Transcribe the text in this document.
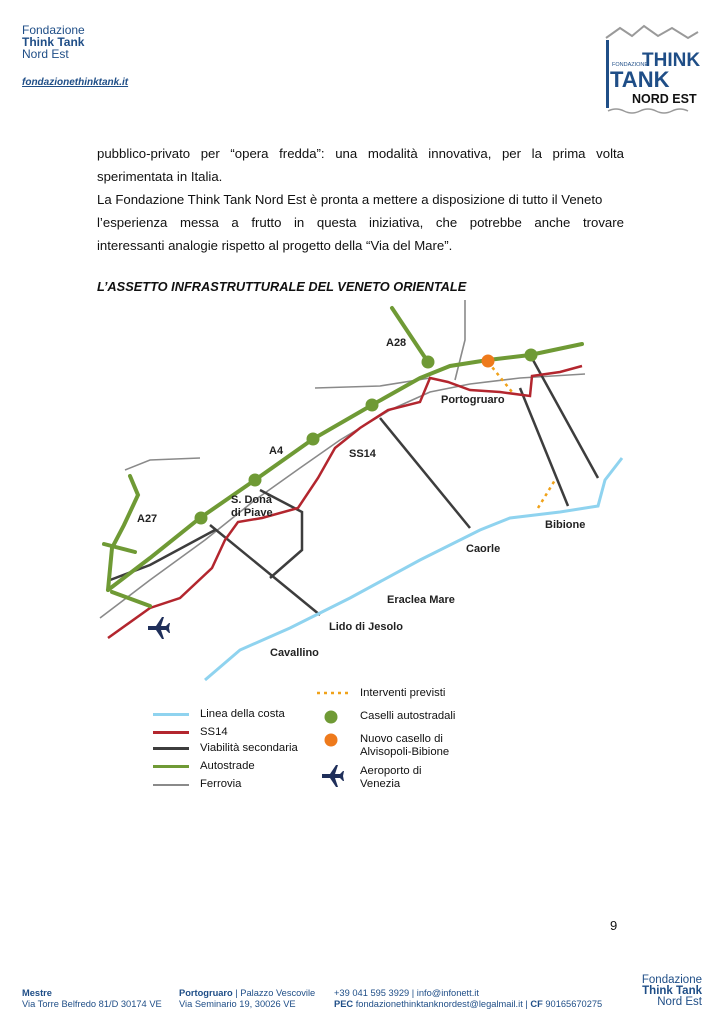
Fondazione
Think Tank
Nord Est
fondazionethinktank.it
FONDAZIONE
THINK
TANK
NORD EST
pubblico-privato per “opera fredda”: una modalità innovativa, per la prima volta
sperimentata in Italia.
La Fondazione Think Tank Nord Est è pronta a mettere a disposizione di tutto il Veneto
l’esperienza messa a frutto in questa iniziativa, che potrebbe anche trovare
interessanti analogie rispetto al progetto della “Via del Mare”.
L’ASSETTO INFRASTRUTTURALE DEL VENETO ORIENTALE
A28
Portogruaro
A4	SS14
S. Donà
di Piave
A27	Bibione
Caorle
Eraclea Mare
Lido di Jesolo
Cavallino
Linea della costa
SS14
Viabilità secondaria
Autostrade
Ferrovia
Interventi previsti
Caselli autostradali
Nuovo casello di
Alvisopoli-Bibione
Aeroporto di
Venezia
9
Mestre
Via Torre Belfredo 81/D 30174 VE
Portogruaro | Palazzo Vescovile
Via Seminario 19, 30026 VE
+39 041 595 3929 | info@infonett.it
PEC fondazionethinktanknordest@legalmail.it | CF 90165670275
Fondazione
Think Tank
Nord Est
